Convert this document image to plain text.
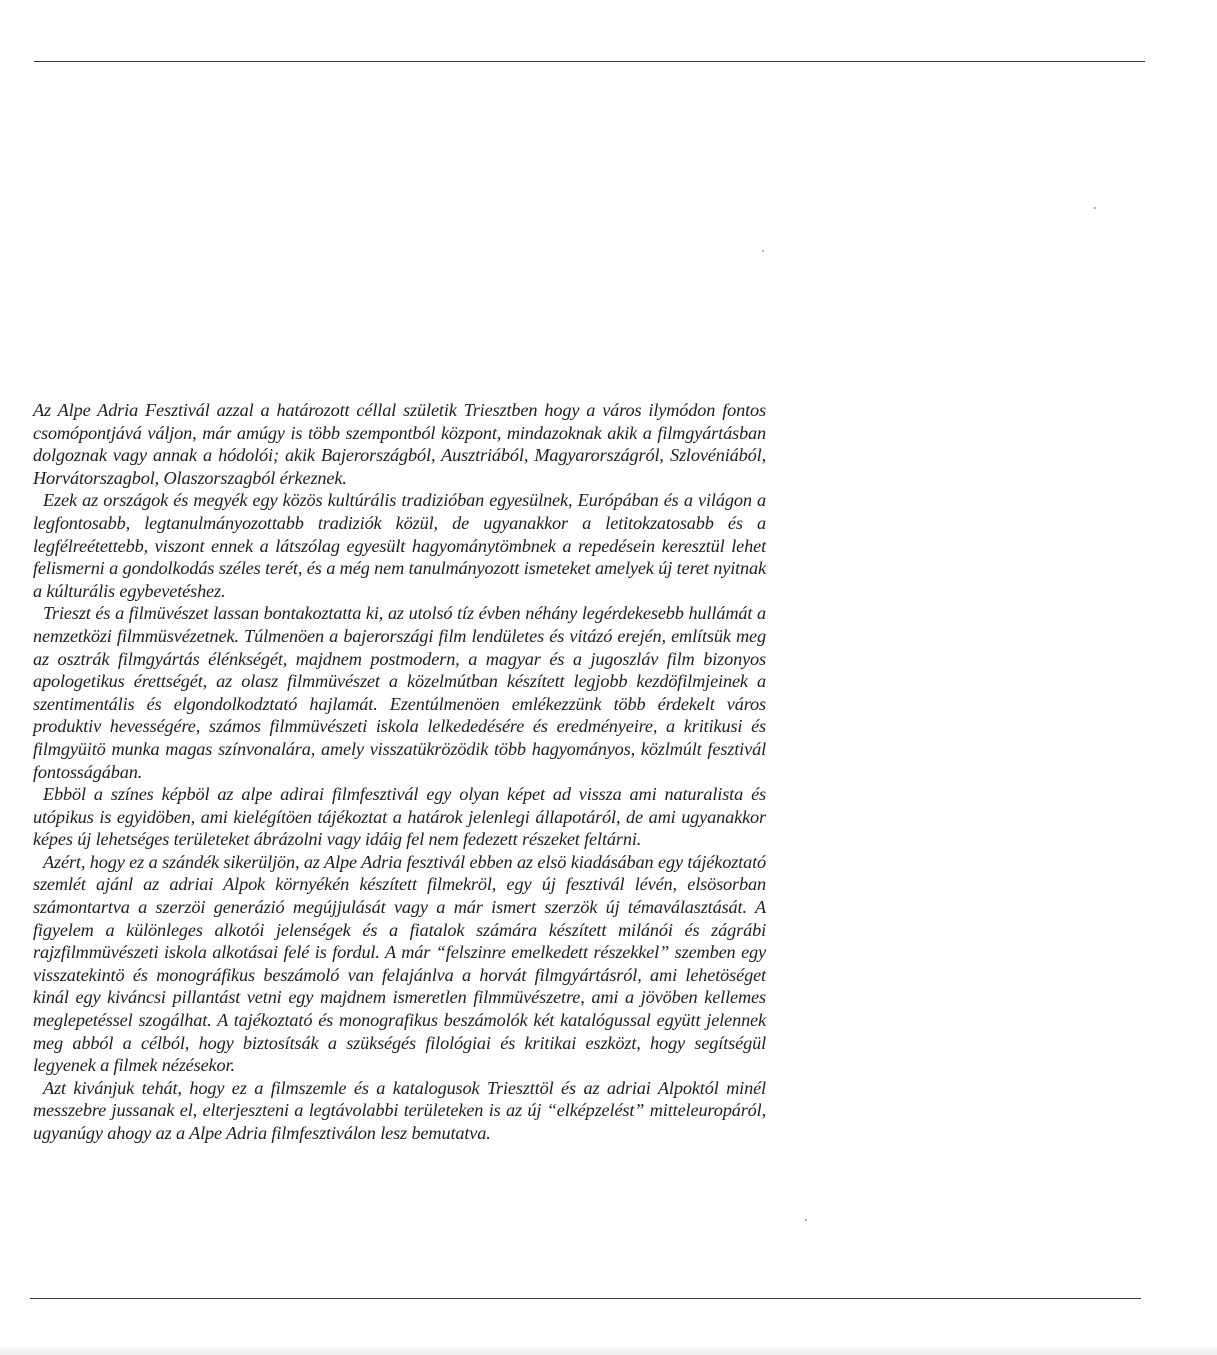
Az Alpe Adria Fesztivál azzal a határozott céllal születik Triesztben hogy a város ilymódon fontos csomópontjává váljon, már amúgy is több szempontból központ, mindazoknak akik a filmgyártásban dolgoznak vagy annak a hódolói; akik Bajerországból, Ausztriából, Magyarországról, Szlovéniából, Horvátorszagbol, Olaszorszagból érkeznek.

Ezek az országok és megyék egy közös kultúrális tradizióban egyesülnek, Európában és a világon a legfontosabb, legtanulmányozottabb tradiziók közül, de ugyanakkor a letitokzatosabb és a legfélreétettebb, viszont ennek a látszólag egyesült hagyománytömbnek a repedésein keresztül lehet felismerni a gondolkodás széles terét, és a még nem tanulmányozott ismeteket amelyek új teret nyitnak a kúlturális egybevetéshez.

Trieszt és a filmüvészet lassan bontakoztatta ki, az utolsó tíz évben néhány legérdekesebb hullámát a nemzetközi filmmüsvézetnek. Túlmenöen a bajerországi film lendületes és vitázó erején, említsük meg az osztrák filmgyártás élénkségét, majdnem postmodern, a magyar és a jugoszláv film bizonyos apologetikus érettségét, az olasz filmmüvészet a közelmútban készített legjobb kezdöfilmjeinek a szentimentális és elgondolkodztató hajlamát. Ezentúlmenöen emlékezzünk több érdekelt város produktiv hevességére, számos filmmüvészeti iskola lelkededésére és eredményeire, a kritikusi és filmgyüitö munka magas színvonalára, amely visszatükrözödik több hagyományos, közlmúlt fesztivál fontosságában.

Ebböl a színes képböl az alpe adirai filmfesztivál egy olyan képet ad vissza ami naturalista és utópikus is egyidöben, ami kielégítöen tájékoztat a határok jelenlegi állapotáról, de ami ugyanakkor képes új lehetséges területeket ábrázolni vagy idáig fel nem fedezett részeket feltárni.

Azért, hogy ez a szándék sikerüljön, az Alpe Adria fesztivál ebben az elsö kiadásában egy tájékoztató szemlét ajánl az adriai Alpok környékén készített filmekröl, egy új fesztivál lévén, elsösorban számontartva a szerzöi generázió megújjulását vagy a már ismert szerzök új témaválasztását. A figyelem a különleges alkotói jelenségek és a fiatalok számára készített milánói és zágrábi rajzfilmmüvészeti iskola alkotásai felé is fordul. A már “felszinre emelkedett részekkel” szemben egy visszatekintö és monográfikus beszámoló van felajánlva a horvát filmgyártásról, ami lehetöséget kinál egy kiváncsi pillantást vetni egy majdnem ismeretlen filmmüvészetre, ami a jövöben kellemes meglepetéssel szogálhat. A tajékoztató és monografikus beszámolók két katalógussal együtt jelennek meg abból a célból, hogy biztosítsák a szükségés filológiai és kritikai eszközt, hogy segítségül legyenek a filmek nézésekor.

Azt kivánjuk tehát, hogy ez a filmszemle és a katalogusok Trieszttöl és az adriai Alpoktól minél messzebre jussanak el, elterjeszteni a legtávolabbi területeken is az új “elképzelést” mitteleuropáról, ugyanúgy ahogy az a Alpe Adria filmfesztiválon lesz bemutatva.
